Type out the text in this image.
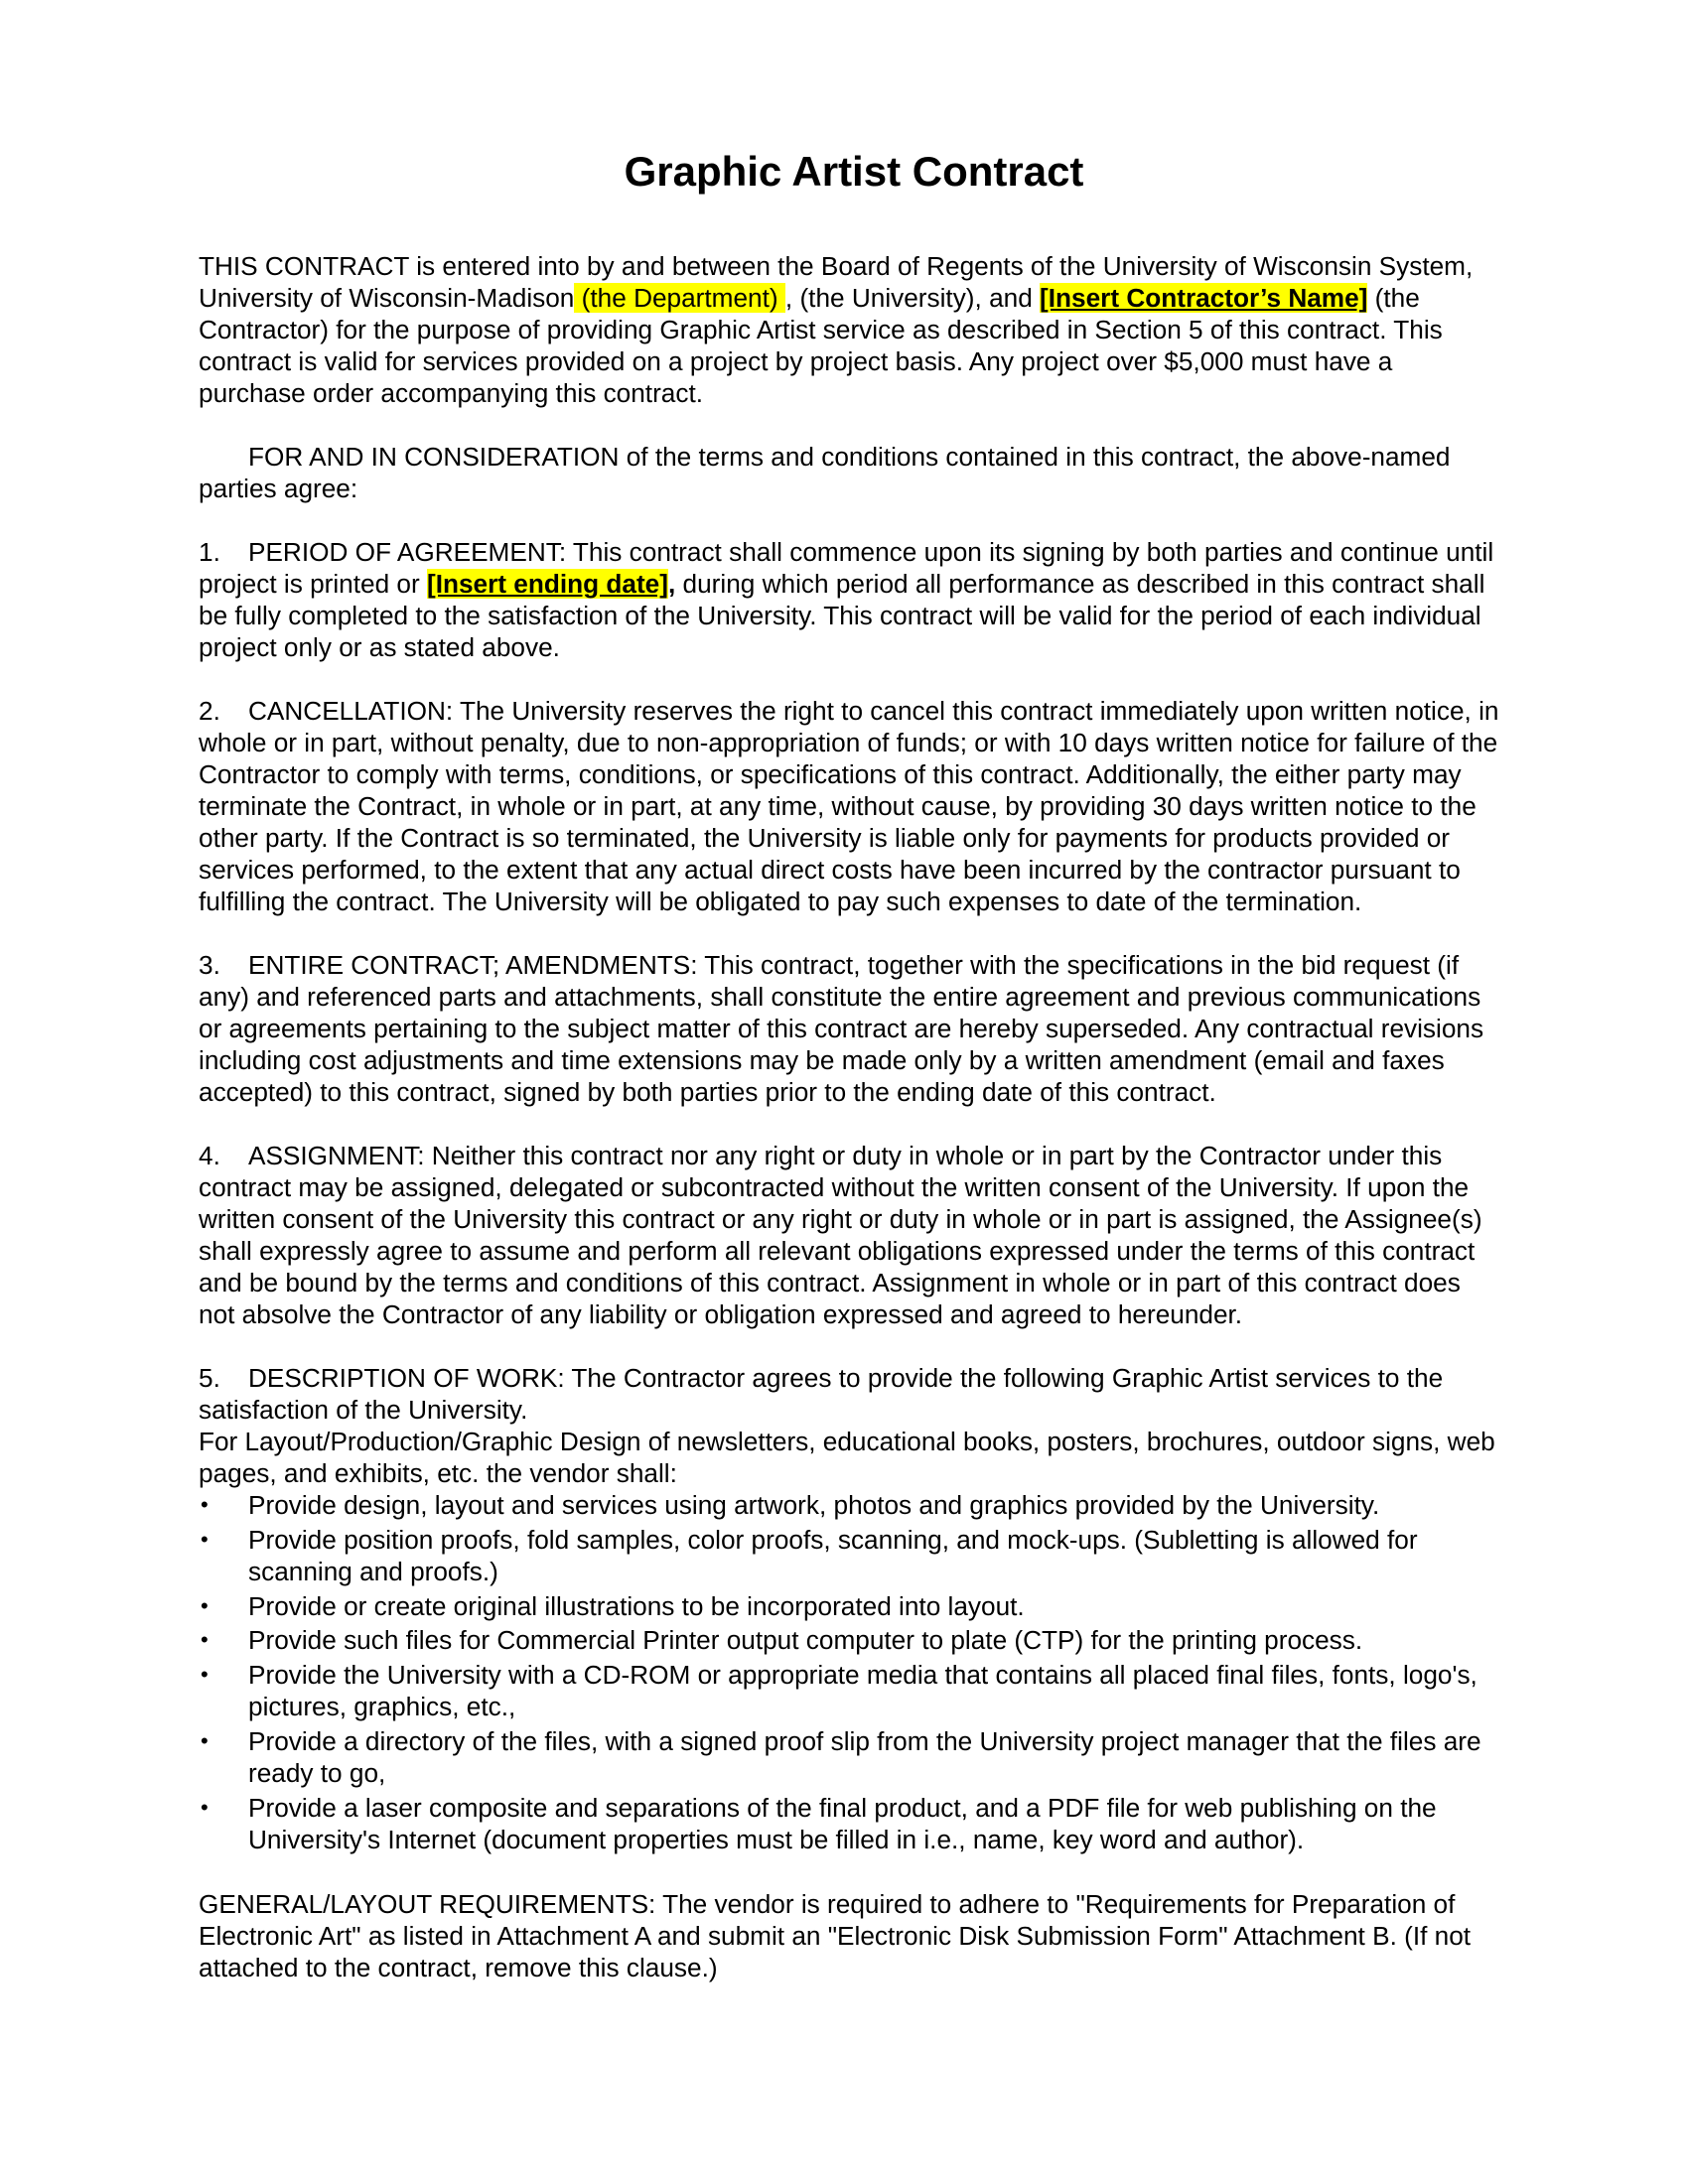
Graphic Artist Contract

THIS CONTRACT is entered into by and between the Board of Regents of the University of Wisconsin System, University of Wisconsin-Madison (the Department) , (the University), and [Insert Contractor’s Name] (the Contractor) for the purpose of providing Graphic Artist service as described in Section 5 of this contract. This contract is valid for services provided on a project by project basis. Any project over $5,000 must have a purchase order accompanying this contract.

FOR AND IN CONSIDERATION of the terms and conditions contained in this contract, the above-named parties agree:

1. PERIOD OF AGREEMENT: This contract shall commence upon its signing by both parties and continue until project is printed or [Insert ending date], during which period all performance as described in this contract shall be fully completed to the satisfaction of the University. This contract will be valid for the period of each individual project only or as stated above.

2. CANCELLATION: The University reserves the right to cancel this contract immediately upon written notice, in whole or in part, without penalty, due to non-appropriation of funds; or with 10 days written notice for failure of the Contractor to comply with terms, conditions, or specifications of this contract. Additionally, the either party may terminate the Contract, in whole or in part, at any time, without cause, by providing 30 days written notice to the other party. If the Contract is so terminated, the University is liable only for payments for products provided or services performed, to the extent that any actual direct costs have been incurred by the contractor pursuant to fulfilling the contract. The University will be obligated to pay such expenses to date of the termination.

3. ENTIRE CONTRACT; AMENDMENTS: This contract, together with the specifications in the bid request (if any) and referenced parts and attachments, shall constitute the entire agreement and previous communications or agreements pertaining to the subject matter of this contract are hereby superseded. Any contractual revisions including cost adjustments and time extensions may be made only by a written amendment (email and faxes accepted) to this contract, signed by both parties prior to the ending date of this contract.

4. ASSIGNMENT: Neither this contract nor any right or duty in whole or in part by the Contractor under this contract may be assigned, delegated or subcontracted without the written consent of the University. If upon the written consent of the University this contract or any right or duty in whole or in part is assigned, the Assignee(s) shall expressly agree to assume and perform all relevant obligations expressed under the terms of this contract and be bound by the terms and conditions of this contract. Assignment in whole or in part of this contract does not absolve the Contractor of any liability or obligation expressed and agreed to hereunder.

5. DESCRIPTION OF WORK: The Contractor agrees to provide the following Graphic Artist services to the satisfaction of the University.

For Layout/Production/Graphic Design of newsletters, educational books, posters, brochures, outdoor signs, web pages, and exhibits, etc. the vendor shall:

• Provide design, layout and services using artwork, photos and graphics provided by the University.
• Provide position proofs, fold samples, color proofs, scanning, and mock-ups. (Subletting is allowed for scanning and proofs.)
• Provide or create original illustrations to be incorporated into layout.
• Provide such files for Commercial Printer output computer to plate (CTP) for the printing process.
• Provide the University with a CD-ROM or appropriate media that contains all placed final files, fonts, logo's, pictures, graphics, etc.,
• Provide a directory of the files, with a signed proof slip from the University project manager that the files are ready to go,
• Provide a laser composite and separations of the final product, and a PDF file for web publishing on the University's Internet (document properties must be filled in i.e., name, key word and author).

GENERAL/LAYOUT REQUIREMENTS: The vendor is required to adhere to "Requirements for Preparation of Electronic Art" as listed in Attachment A and submit an "Electronic Disk Submission Form" Attachment B. (If not attached to the contract, remove this clause.)
